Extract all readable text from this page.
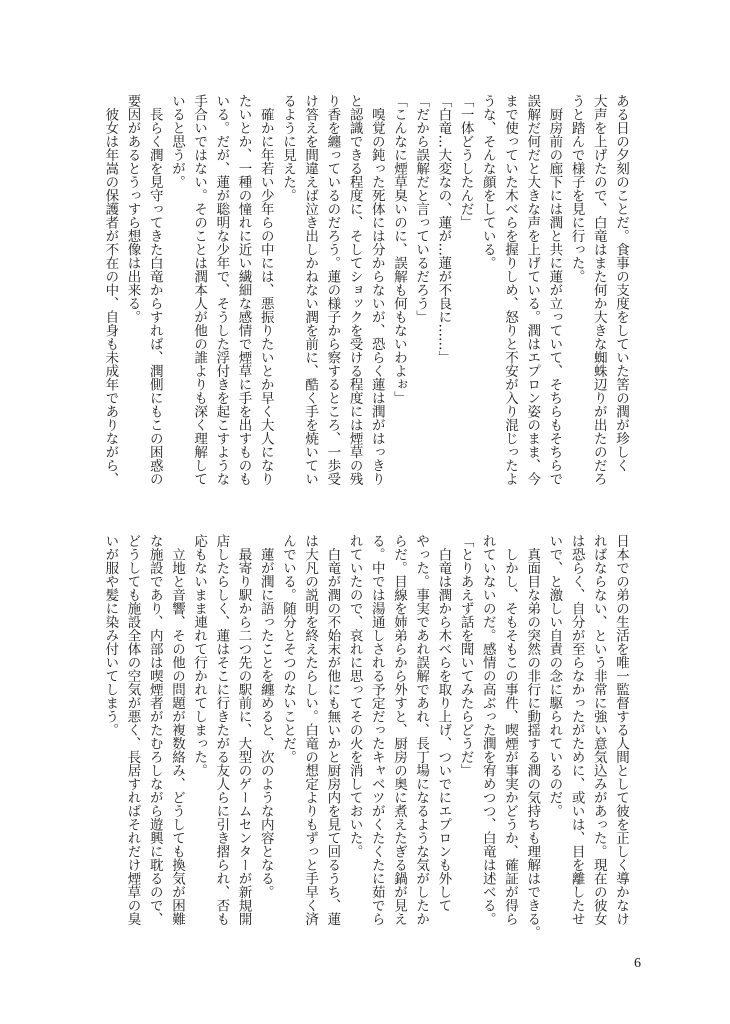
ある日の夕刻のことだ。食事の支度をしていた筈の潤が珍しく
大声を上げたので、白竜はまた何か大きな蜘蛛辺りが出たのだろ
うと踏んで様子を見に行った。
　厨房前の廊下には潤と共に蓮が立っていて、そちらもそちらで
誤解だ何だと大きな声を上げている。潤はエプロン姿のまま、今
まで使っていた木べらを握りしめ、怒りと不安が入り混じったよ
うな、そんな顔をしている。
「一体どうしたんだ」
「白竜…大変なの、蓮が…蓮が不良に……」
「だから誤解だと言っているだろう」
「こんなに煙草臭いのに、誤解も何もないわよぉ」
　嗅覚の鈍った死体には分からないが、恐らく蓮は潤がはっきり
と認識できる程度に、そしてショックを受ける程度には煙草の残
り香を纏っているのだろう。蓮の様子から察するところ、一歩受
け答えを間違えば泣き出しかねない潤を前に、酷く手を焼いてい
るように見えた。
　確かに年若い少年らの中には、悪振りたいとか早く大人になり
たいとか、一種の憧れに近い繊細な感情で煙草に手を出すものも
いる。だが、蓮が聡明な少年で、そうした浮付きを起こすような
手合いではない。そのことは潤本人が他の誰よりも深く理解して
いると思うが。
　長らく潤を見守ってきた白竜からすれば、潤側にもこの困惑の
要因があるとうっすら想像は出来る。
　彼女は年嵩の保護者が不在の中、自身も未成年でありながら、
日本での弟の生活を唯一監督する人間として彼を正しく導かなけ
ればならない、という非常に強い意気込みがあった。現在の彼女
は恐らく、自分が至らなかったがために、或いは、目を離したせ
いで、と激しい自責の念に駆られているのだ。
　真面目な弟の突然の非行に動揺する潤の気持ちも理解はできる。
　しかし、そもそもこの事件、喫煙が事実かどうか、確証が得ら
れていないのだ。感情の高ぶった潤を宥めつつ、白竜は述べる。
「とりあえず話を聞いてみたらどうだ」
　白竜は潤から木べらを取り上げ、ついでにエプロンも外して
やった。事実であれ誤解であれ、長丁場になるような気がしたか
らだ。目線を姉弟らから外すと、厨房の奥に煮えたぎる鍋が見え
る。中では湯通しされる予定だったキャベツがくたくたに茹でら
れていたので、哀れに思ってその火を消しておいた。
　白竜が潤の不始末が他にも無いかと厨房内を見て回るうち、蓮
は大凡の説明を終えたらしい。白竜の想定よりもずっと手早く済
んでいる。随分とそつのないことだ。
　蓮が潤に語ったことを纏めると、次のような内容となる。
　最寄り駅から二つ先の駅前に、大型のゲームセンターが新規開
店したらしく、蓮はそこに行きたがる友人らに引き摺られ、否も
応もないまま連れて行かれてしまった。
　立地と音響、その他の問題が複数絡み、どうしても換気が困難
な施設であり、内部は喫煙者がたむろしながら遊興に耽るので、
どうしても施設全体の空気が悪く、長居すればそれだけ煙草の臭
いが服や髪に染み付いてしまう。
6
